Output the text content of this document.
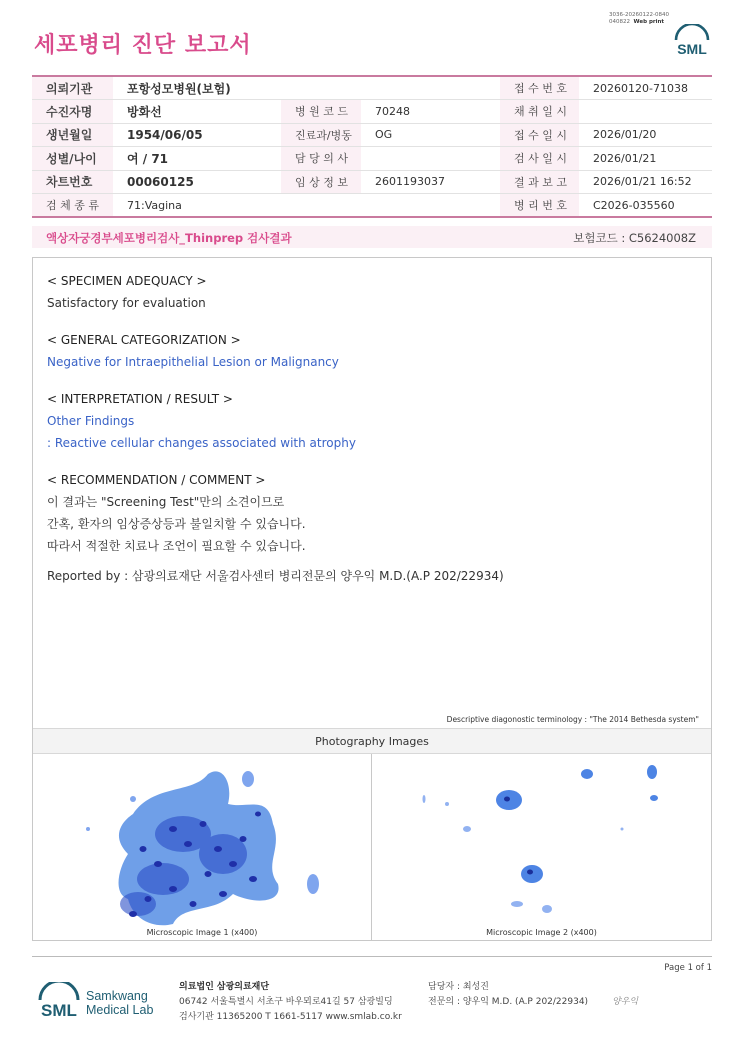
3036-20260122-0840
040822 Web print
세포병리 진단 보고서	SML
의뢰기관	포항성모병원(보험)			접 수 번 호	20260120-71038
수진자명	방화선	병 원 코 드	70248	채 취 일 시	
생년월일	1954/06/05	진료과/병동	OG	접 수 일 시	2026/01/20
성별/나이	여 / 71	담 당 의 사		검 사 일 시	2026/01/21
차트번호	00060125	임 상 정 보	2601193037	결 과 보 고	2026/01/21 16:52
검 체 종 류	71:Vagina			병 리 번 호	C2026-035560
액상자궁경부세포병리검사_Thinprep 검사결과	보험코드 : C5624008Z
< SPECIMEN ADEQUACY >
Satisfactory for evaluation
< GENERAL CATEGORIZATION >
Negative for Intraepithelial Lesion or Malignancy
< INTERPRETATION / RESULT >
Other Findings
: Reactive cellular changes associated with atrophy
< RECOMMENDATION / COMMENT >
이 결과는 "Screening Test"만의 소견이므로
간혹, 환자의 임상증상등과 불일치할 수 있습니다.
따라서 적절한 치료나 조언이 필요할 수 있습니다.
Reported by : 삼광의료재단 서울검사센터 병리전문의 양우익 M.D.(A.P 202/22934)
Descriptive diagonostic terminology : "The 2014 Bethesda system"
Photography Images
Microscopic Image 1 (x400)	Microscopic Image 2 (x400)
Page 1 of 1
SML
Samkwang
Medical Lab
의료법인 삼광의료재단
06742 서울특별시 서초구 바우뫼로41길 57 삼광빌딩
검사기관 11365200 T 1661-5117 www.smlab.co.kr
담당자 : 최성진
전문의 : 양우익 M.D. (A.P 202/22934)	양우익
